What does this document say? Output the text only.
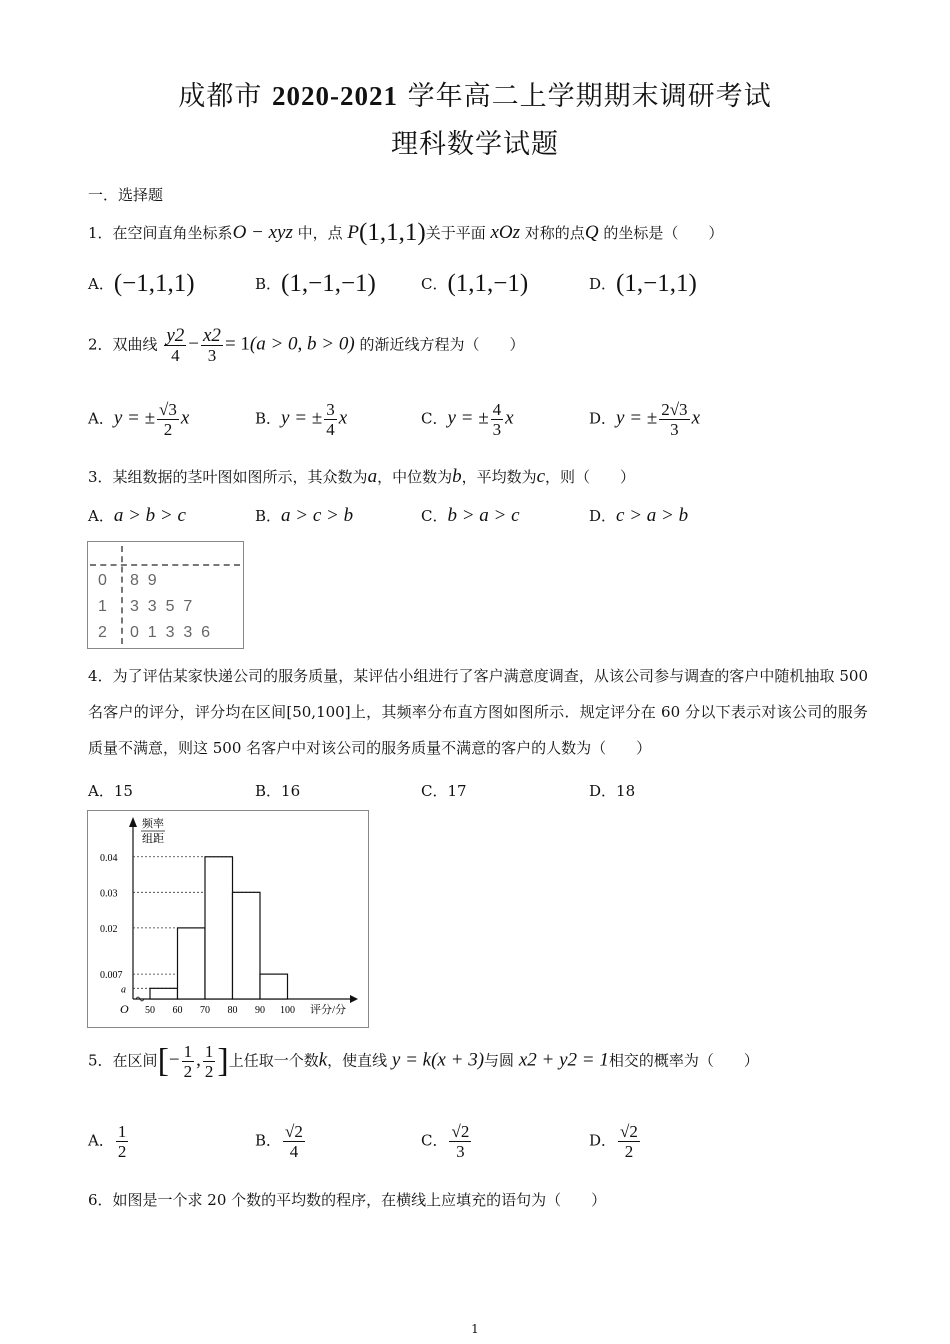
成都市 2020-2021 学年高二上学期期末调研考试
理科数学试题
一．选择题
1．在空间直角坐标系O − xyz 中，点 P(1,1,1)关于平面 xOz 对称的点Q 的坐标是（　　）
A．(−1,1,1)	B．(1,−1,−1)	C．(1,1,−1)	D．(1,−1,1)
2．双曲线 $\frac{y2}{4} - \frac{x2}{3} = 1(a > 0$, b > 0) 的渐近线方程为（　　）
A．y = ± $\frac{√3}{2}$ x	B．y = ± $\frac{3}{4}$ x	C．y = ± $\frac{4}{3}$ x	D．y = ± $\frac{2√3}{3}$ x
3．某组数据的茎叶图如图所示，其众数为a，中位数为b，平均数为c，则（　　）
A．a > b > c	B．a > c > b	C．b > a > c	D．c > a > b
0 8  9
1 3  3  5  7
2 0  1  3  3  6
4．为了评估某家快递公司的服务质量，某评估小组进行了客户满意度调查，从该公司参与调查的客户中随机抽取 500 名客户的评分，评分均在区间[50,100]上，其频率分布直方图如图所示．规定评分在 60 分以下表示对该公司的服务质量不满意，则这 500 名客户中对该公司的服务质量不满意的客户的人数为（　　）
A．15	B．16	C．17	D．18
频率
组距
O	评分/分
0.04
0.03
0.02
0.007
a
50 60 70 80 90 100
5．在区间[− $\frac{1}{2}$ , $\frac{1}{2}$ ]上任取一个数k，使直线 y = k(x + 3)与圆 x2 + y2 = 1相交的概率为（　　）
A． $\frac{1}{2}$	B． $\frac{√2}{4}$	C． $\frac{√2}{3}$	D． $\frac{√2}{2}$
6．如图是一个求 20 个数的平均数的程序，在横线上应填充的语句为（　　）
1
